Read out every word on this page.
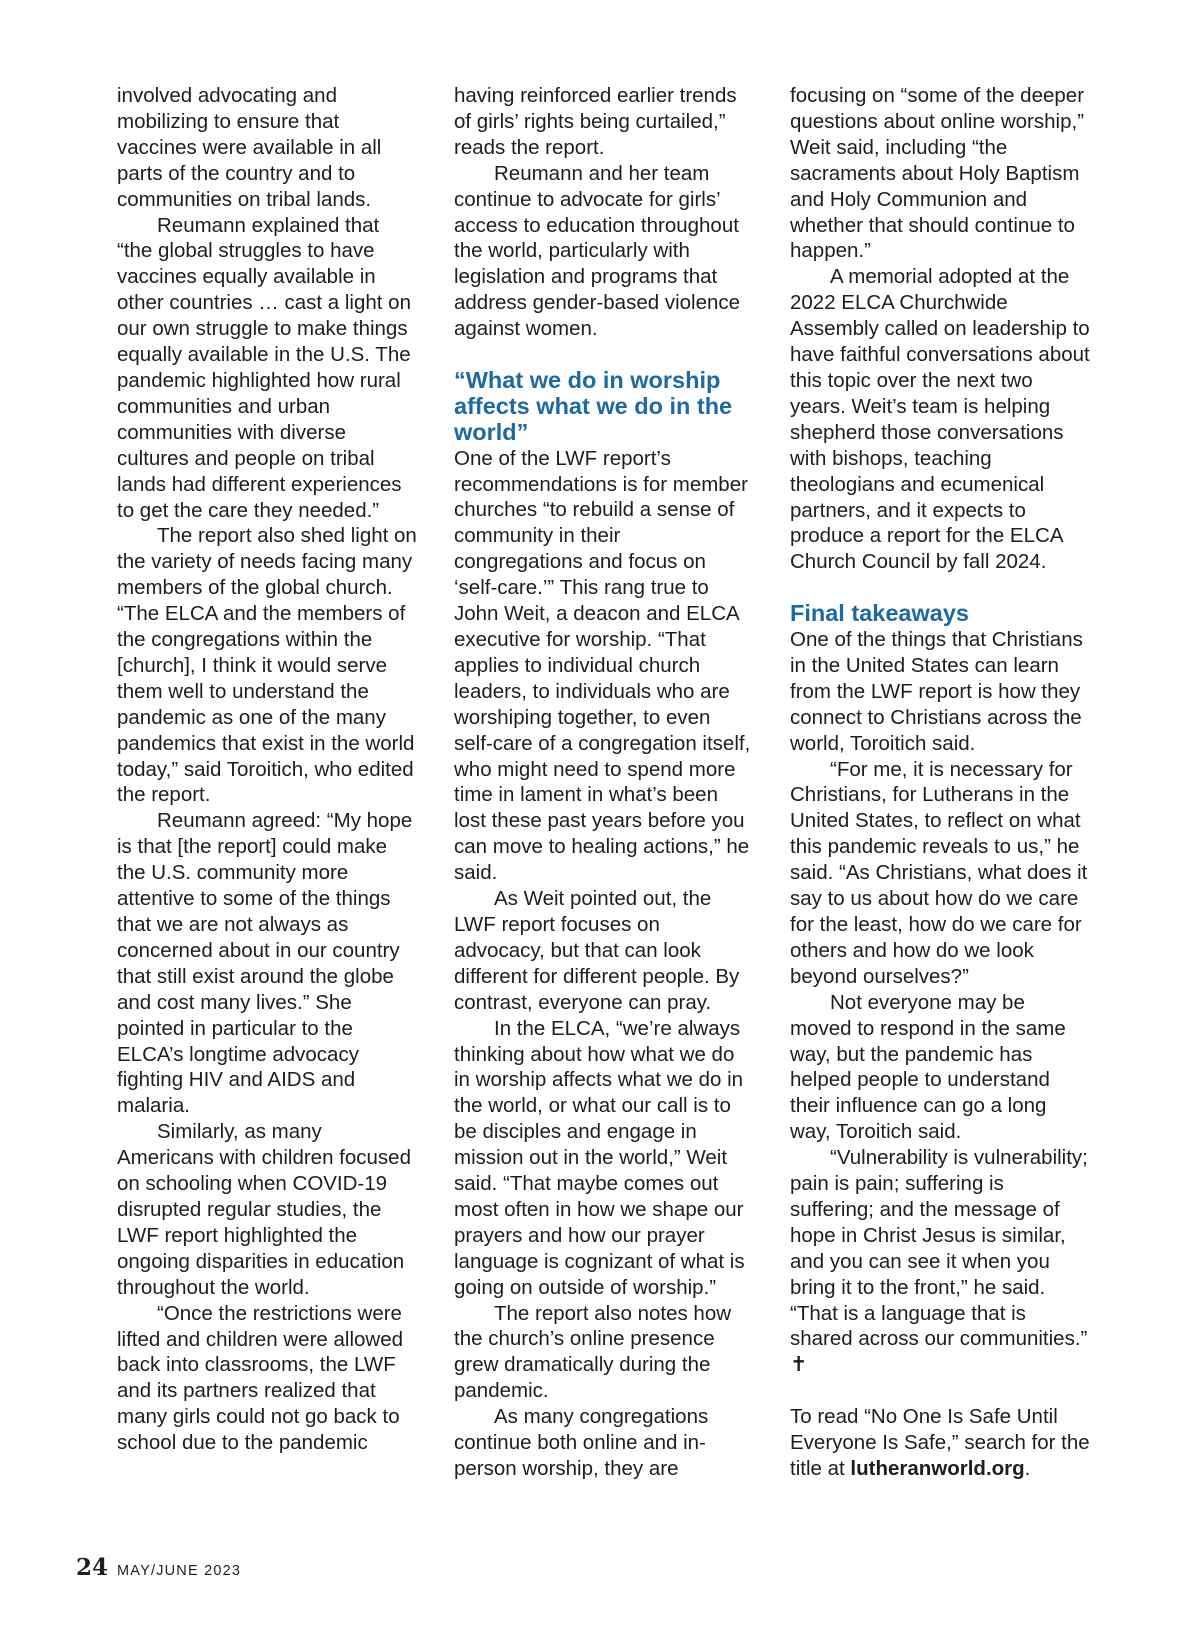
involved advocating and mobilizing to ensure that vaccines were available in all parts of the country and to communities on tribal lands.

Reumann explained that “the global struggles to have vaccines equally available in other countries … cast a light on our own struggle to make things equally available in the U.S. The pandemic highlighted how rural communities and urban communities with diverse cultures and people on tribal lands had different experiences to get the care they needed.”

The report also shed light on the variety of needs facing many members of the global church. “The ELCA and the members of the congregations within the [church], I think it would serve them well to understand the pandemic as one of the many pandemics that exist in the world today,” said Toroitich, who edited the report.

Reumann agreed: “My hope is that [the report] could make the U.S. community more attentive to some of the things that we are not always as concerned about in our country that still exist around the globe and cost many lives.” She pointed in particular to the ELCA’s longtime advocacy fighting HIV and AIDS and malaria.

Similarly, as many Americans with children focused on schooling when COVID-19 disrupted regular studies, the LWF report highlighted the ongoing disparities in education throughout the world.

“Once the restrictions were lifted and children were allowed back into classrooms, the LWF and its partners realized that many girls could not go back to school due to the pandemic

having reinforced earlier trends of girls’ rights being curtailed,” reads the report.

Reumann and her team continue to advocate for girls’ access to education throughout the world, particularly with legislation and programs that address gender-based violence against women.

“What we do in worship affects what we do in the world”

One of the LWF report’s recommendations is for member churches “to rebuild a sense of community in their congregations and focus on ‘self-care.’” This rang true to John Weit, a deacon and ELCA executive for worship. “That applies to individual church leaders, to individuals who are worshiping together, to even self-care of a congregation itself, who might need to spend more time in lament in what’s been lost these past years before you can move to healing actions,” he said.

As Weit pointed out, the LWF report focuses on advocacy, but that can look different for different people. By contrast, everyone can pray.

In the ELCA, “we’re always thinking about how what we do in worship affects what we do in the world, or what our call is to be disciples and engage in mission out in the world,” Weit said. “That maybe comes out most often in how we shape our prayers and how our prayer language is cognizant of what is going on outside of worship.”

The report also notes how the church’s online presence grew dramatically during the pandemic.

As many congregations continue both online and in-person worship, they are

focusing on “some of the deeper questions about online worship,” Weit said, including “the sacraments about Holy Baptism and Holy Communion and whether that should continue to happen.”

A memorial adopted at the 2022 ELCA Churchwide Assembly called on leadership to have faithful conversations about this topic over the next two years. Weit’s team is helping shepherd those conversations with bishops, teaching theologians and ecumenical partners, and it expects to produce a report for the ELCA Church Council by fall 2024.

Final takeaways

One of the things that Christians in the United States can learn from the LWF report is how they connect to Christians across the world, Toroitich said.

“For me, it is necessary for Christians, for Lutherans in the United States, to reflect on what this pandemic reveals to us,” he said. “As Christians, what does it say to us about how do we care for the least, how do we care for others and how do we look beyond ourselves?”

Not everyone may be moved to respond in the same way, but the pandemic has helped people to understand their influence can go a long way, Toroitich said.

“Vulnerability is vulnerability; pain is pain; suffering is suffering; and the message of hope in Christ Jesus is similar, and you can see it when you bring it to the front,” he said. “That is a language that is shared across our communities.” ✝

To read “No One Is Safe Until Everyone Is Safe,” search for the title at lutheranworld.org.

24 MAY/JUNE 2023
